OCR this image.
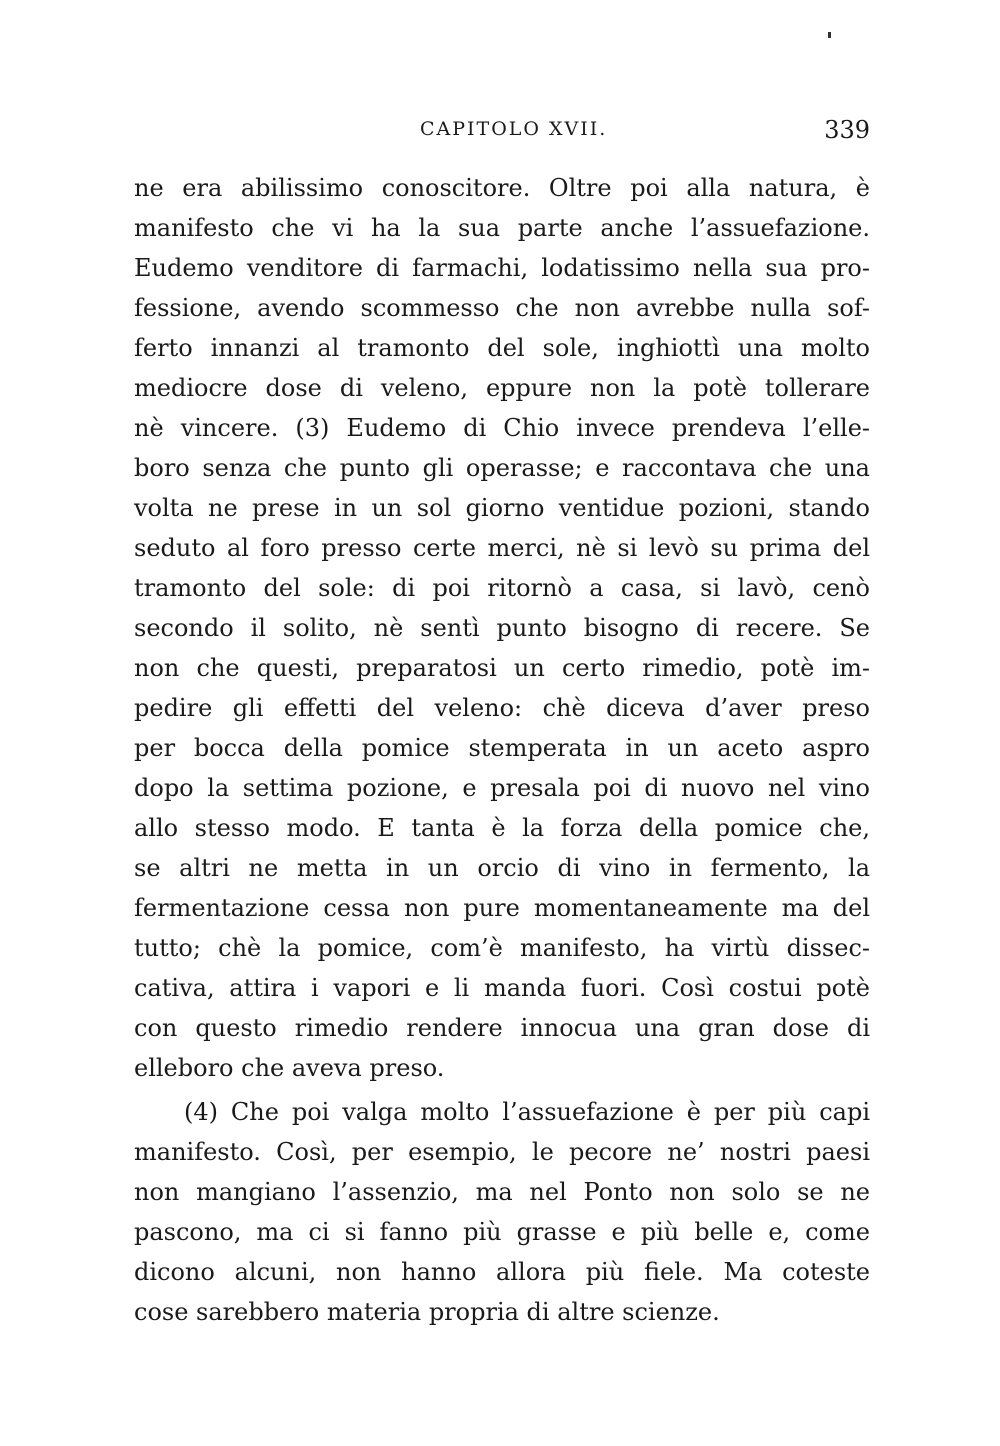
CAPITOLO XVII.	339
ne era abilissimo conoscitore. Oltre poi alla natura, è
manifesto che vi ha la sua parte anche l’assuefazione.
Eudemo venditore di farmachi, lodatissimo nella sua pro-
fessione, avendo scommesso che non avrebbe nulla sof-
ferto innanzi al tramonto del sole, inghiottì una molto
mediocre dose di veleno, eppure non la potè tollerare
nè vincere. (3) Eudemo di Chio invece prendeva l’elle-
boro senza che punto gli operasse; e raccontava che una
volta ne prese in un sol giorno ventidue pozioni, stando
seduto al foro presso certe merci, nè si levò su prima del
tramonto del sole: di poi ritornò a casa, si lavò, cenò
secondo il solito, nè sentì punto bisogno di recere. Se
non che questi, preparatosi un certo rimedio, potè im-
pedire gli effetti del veleno: chè diceva d’aver preso
per bocca della pomice stemperata in un aceto aspro
dopo la settima pozione, e presala poi di nuovo nel vino
allo stesso modo. E tanta è la forza della pomice che,
se altri ne metta in un orcio di vino in fermento, la
fermentazione cessa non pure momentaneamente ma del
tutto; chè la pomice, com’è manifesto, ha virtù dissec-
cativa, attira i vapori e li manda fuori. Così costui potè
con questo rimedio rendere innocua una gran dose di
elleboro che aveva preso.
(4) Che poi valga molto l’assuefazione è per più capi
manifesto. Così, per esempio, le pecore ne’ nostri paesi
non mangiano l’assenzio, ma nel Ponto non solo se ne
pascono, ma ci si fanno più grasse e più belle e, come
dicono alcuni, non hanno allora più fiele. Ma coteste
cose sarebbero materia propria di altre scienze.
